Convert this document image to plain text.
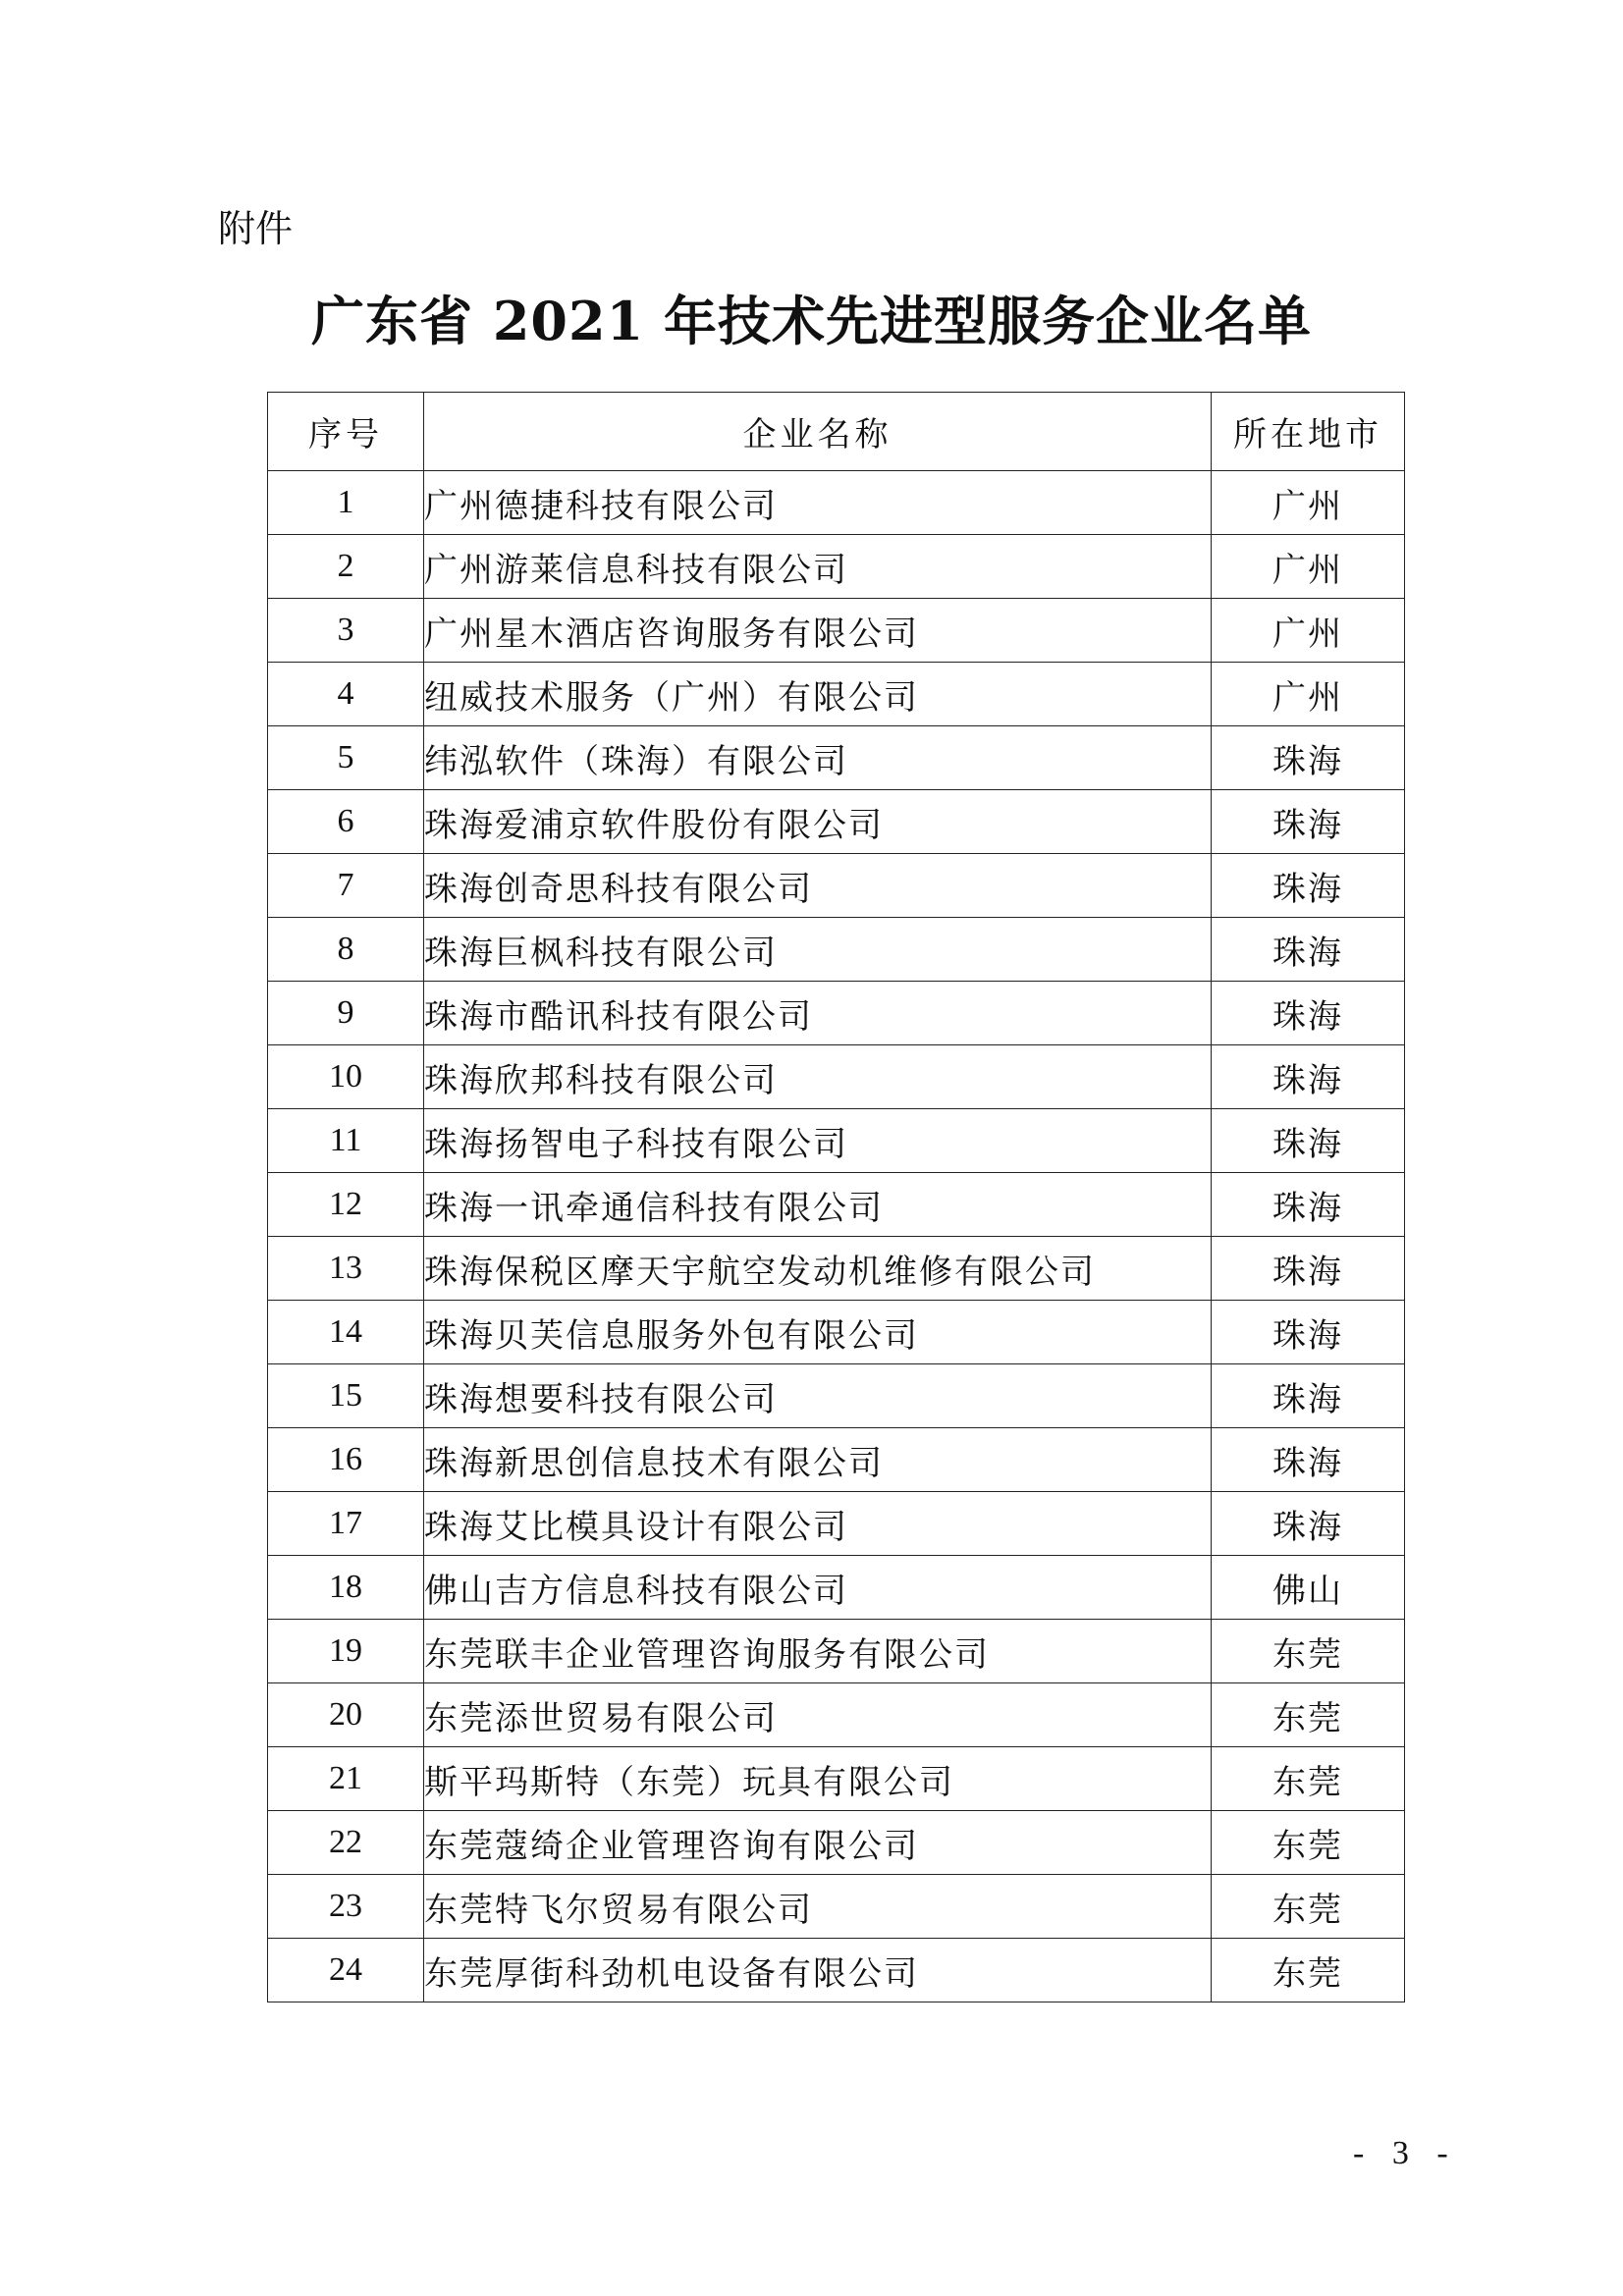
附件
广东省 2021 年技术先进型服务企业名单
序号	企业名称	所在地市
1	广州德捷科技有限公司	广州
2	广州游莱信息科技有限公司	广州
3	广州星木酒店咨询服务有限公司	广州
4	纽威技术服务（广州）有限公司	广州
5	纬泓软件（珠海）有限公司	珠海
6	珠海爱浦京软件股份有限公司	珠海
7	珠海创奇思科技有限公司	珠海
8	珠海巨枫科技有限公司	珠海
9	珠海市酷讯科技有限公司	珠海
10	珠海欣邦科技有限公司	珠海
11	珠海扬智电子科技有限公司	珠海
12	珠海一讯牵通信科技有限公司	珠海
13	珠海保税区摩天宇航空发动机维修有限公司	珠海
14	珠海贝芙信息服务外包有限公司	珠海
15	珠海想要科技有限公司	珠海
16	珠海新思创信息技术有限公司	珠海
17	珠海艾比模具设计有限公司	珠海
18	佛山吉方信息科技有限公司	佛山
19	东莞联丰企业管理咨询服务有限公司	东莞
20	东莞添世贸易有限公司	东莞
21	斯平玛斯特（东莞）玩具有限公司	东莞
22	东莞蔻绮企业管理咨询有限公司	东莞
23	东莞特飞尔贸易有限公司	东莞
24	东莞厚街科劲机电设备有限公司	东莞
- 3 -
